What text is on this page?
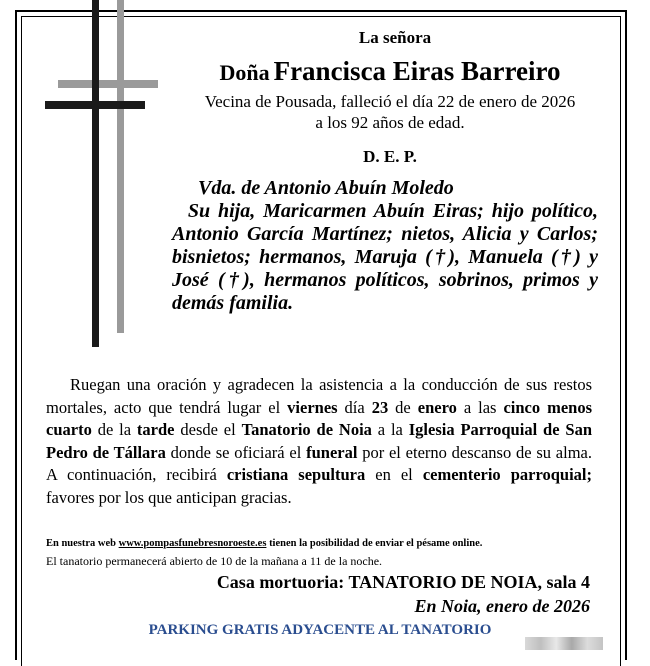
La señora
Doña Francisca Eiras Barreiro
Vecina de Pousada, falleció el día 22 de enero de 2026
a los 92 años de edad.
D. E. P.
Vda. de Antonio Abuín Moledo
Su hija, Maricarmen Abuín Eiras; hijo político, Antonio García Martínez; nietos, Alicia y Carlos; bisnietos; hermanos, Maruja (†), Manuela (†) y José (†), hermanos políticos, sobrinos, primos y demás familia.
Ruegan una oración y agradecen la asistencia a la conducción de sus restos mortales, acto que tendrá lugar el viernes día 23 de enero a las cinco menos cuarto de la tarde desde el Tanatorio de Noia a la Iglesia Parroquial de San Pedro de Tállara donde se oficiará el funeral por el eterno descanso de su alma. A continuación, recibirá cristiana sepultura en el cementerio parroquial; favores por los que anticipan gracias.
En nuestra web www.pompasfunebresnoroeste.es tienen la posibilidad de enviar el pésame online.
El tanatorio permanecerá abierto de 10 de la mañana a 11 de la noche.
Casa mortuoria: TANATORIO DE NOIA, sala 4
En Noia, enero de 2026
PARKING GRATIS ADYACENTE AL TANATORIO
